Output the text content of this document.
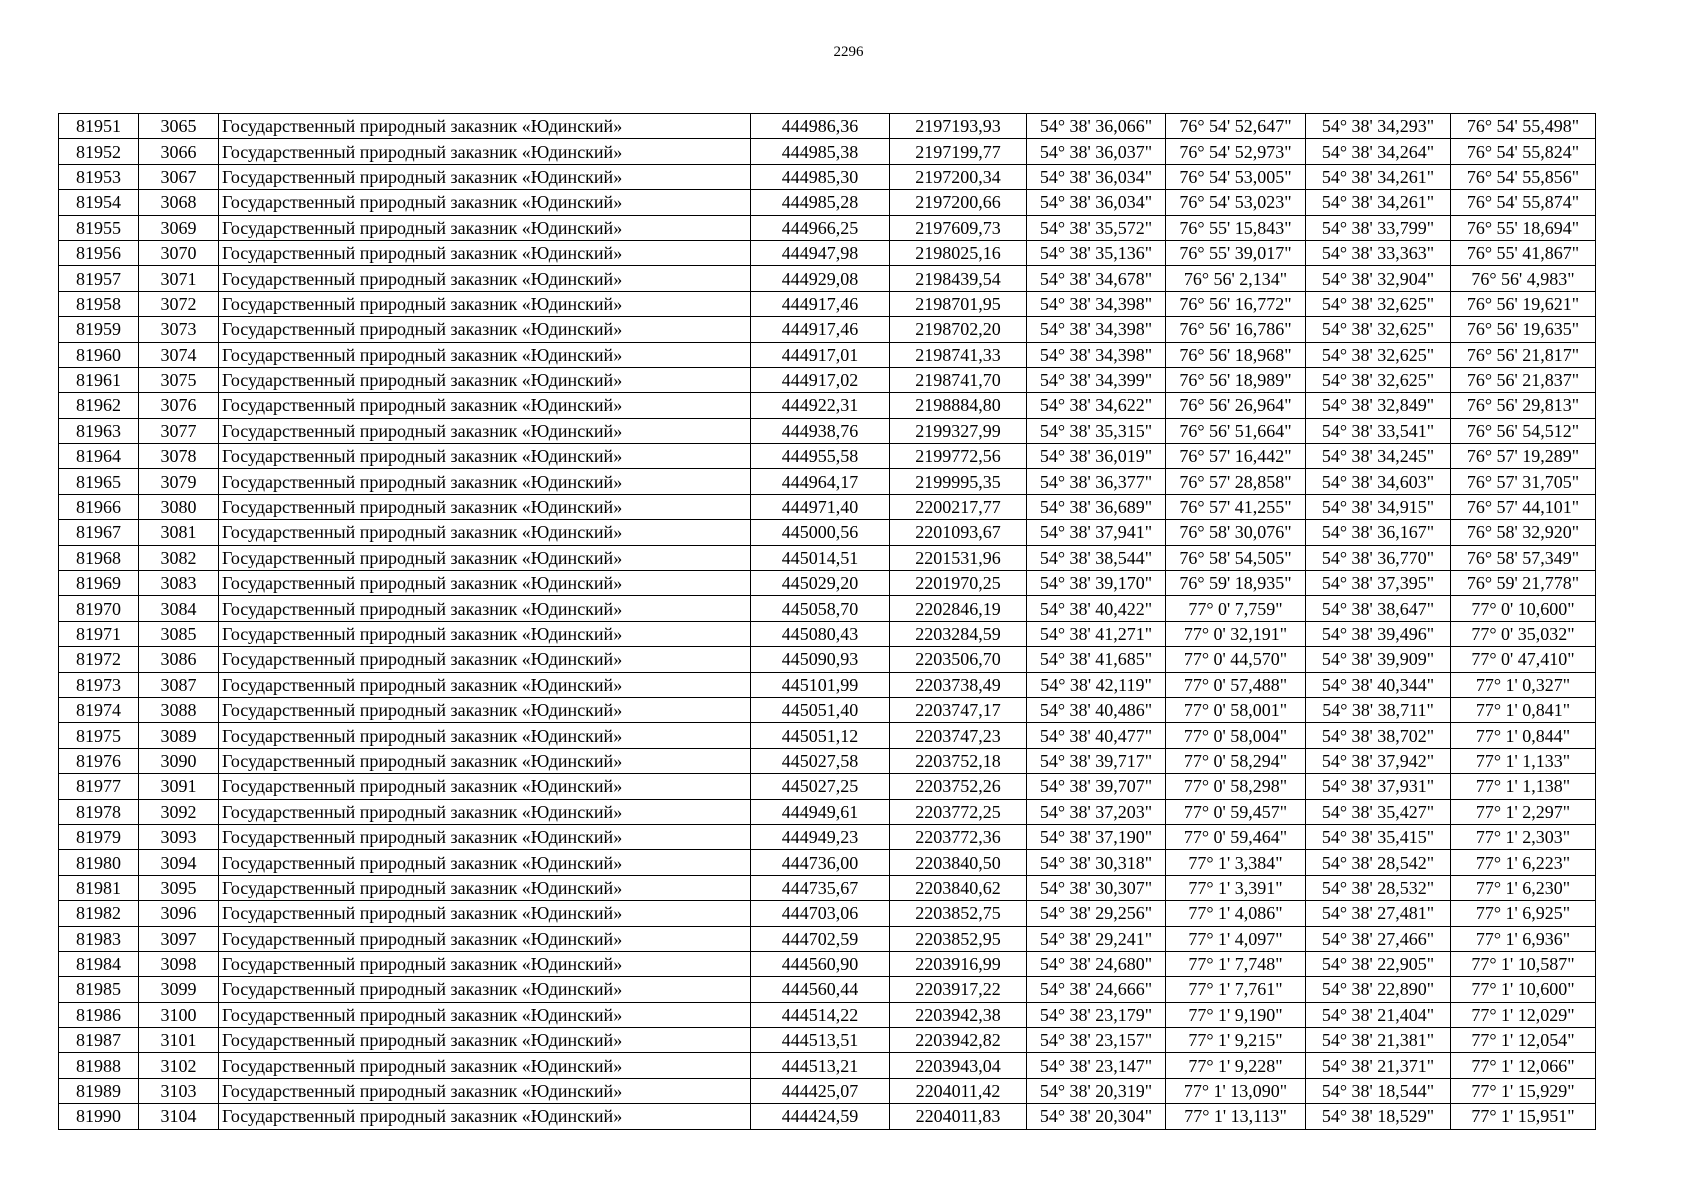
2296
81951	3065	Государственный природный заказник «Юдинский»	444986,36	2197193,93	54° 38' 36,066"	76° 54' 52,647"	54° 38' 34,293"	76° 54' 55,498"
81952	3066	Государственный природный заказник «Юдинский»	444985,38	2197199,77	54° 38' 36,037"	76° 54' 52,973"	54° 38' 34,264"	76° 54' 55,824"
81953	3067	Государственный природный заказник «Юдинский»	444985,30	2197200,34	54° 38' 36,034"	76° 54' 53,005"	54° 38' 34,261"	76° 54' 55,856"
81954	3068	Государственный природный заказник «Юдинский»	444985,28	2197200,66	54° 38' 36,034"	76° 54' 53,023"	54° 38' 34,261"	76° 54' 55,874"
81955	3069	Государственный природный заказник «Юдинский»	444966,25	2197609,73	54° 38' 35,572"	76° 55' 15,843"	54° 38' 33,799"	76° 55' 18,694"
81956	3070	Государственный природный заказник «Юдинский»	444947,98	2198025,16	54° 38' 35,136"	76° 55' 39,017"	54° 38' 33,363"	76° 55' 41,867"
81957	3071	Государственный природный заказник «Юдинский»	444929,08	2198439,54	54° 38' 34,678"	76° 56' 2,134"	54° 38' 32,904"	76° 56' 4,983"
81958	3072	Государственный природный заказник «Юдинский»	444917,46	2198701,95	54° 38' 34,398"	76° 56' 16,772"	54° 38' 32,625"	76° 56' 19,621"
81959	3073	Государственный природный заказник «Юдинский»	444917,46	2198702,20	54° 38' 34,398"	76° 56' 16,786"	54° 38' 32,625"	76° 56' 19,635"
81960	3074	Государственный природный заказник «Юдинский»	444917,01	2198741,33	54° 38' 34,398"	76° 56' 18,968"	54° 38' 32,625"	76° 56' 21,817"
81961	3075	Государственный природный заказник «Юдинский»	444917,02	2198741,70	54° 38' 34,399"	76° 56' 18,989"	54° 38' 32,625"	76° 56' 21,837"
81962	3076	Государственный природный заказник «Юдинский»	444922,31	2198884,80	54° 38' 34,622"	76° 56' 26,964"	54° 38' 32,849"	76° 56' 29,813"
81963	3077	Государственный природный заказник «Юдинский»	444938,76	2199327,99	54° 38' 35,315"	76° 56' 51,664"	54° 38' 33,541"	76° 56' 54,512"
81964	3078	Государственный природный заказник «Юдинский»	444955,58	2199772,56	54° 38' 36,019"	76° 57' 16,442"	54° 38' 34,245"	76° 57' 19,289"
81965	3079	Государственный природный заказник «Юдинский»	444964,17	2199995,35	54° 38' 36,377"	76° 57' 28,858"	54° 38' 34,603"	76° 57' 31,705"
81966	3080	Государственный природный заказник «Юдинский»	444971,40	2200217,77	54° 38' 36,689"	76° 57' 41,255"	54° 38' 34,915"	76° 57' 44,101"
81967	3081	Государственный природный заказник «Юдинский»	445000,56	2201093,67	54° 38' 37,941"	76° 58' 30,076"	54° 38' 36,167"	76° 58' 32,920"
81968	3082	Государственный природный заказник «Юдинский»	445014,51	2201531,96	54° 38' 38,544"	76° 58' 54,505"	54° 38' 36,770"	76° 58' 57,349"
81969	3083	Государственный природный заказник «Юдинский»	445029,20	2201970,25	54° 38' 39,170"	76° 59' 18,935"	54° 38' 37,395"	76° 59' 21,778"
81970	3084	Государственный природный заказник «Юдинский»	445058,70	2202846,19	54° 38' 40,422"	77° 0' 7,759"	54° 38' 38,647"	77° 0' 10,600"
81971	3085	Государственный природный заказник «Юдинский»	445080,43	2203284,59	54° 38' 41,271"	77° 0' 32,191"	54° 38' 39,496"	77° 0' 35,032"
81972	3086	Государственный природный заказник «Юдинский»	445090,93	2203506,70	54° 38' 41,685"	77° 0' 44,570"	54° 38' 39,909"	77° 0' 47,410"
81973	3087	Государственный природный заказник «Юдинский»	445101,99	2203738,49	54° 38' 42,119"	77° 0' 57,488"	54° 38' 40,344"	77° 1' 0,327"
81974	3088	Государственный природный заказник «Юдинский»	445051,40	2203747,17	54° 38' 40,486"	77° 0' 58,001"	54° 38' 38,711"	77° 1' 0,841"
81975	3089	Государственный природный заказник «Юдинский»	445051,12	2203747,23	54° 38' 40,477"	77° 0' 58,004"	54° 38' 38,702"	77° 1' 0,844"
81976	3090	Государственный природный заказник «Юдинский»	445027,58	2203752,18	54° 38' 39,717"	77° 0' 58,294"	54° 38' 37,942"	77° 1' 1,133"
81977	3091	Государственный природный заказник «Юдинский»	445027,25	2203752,26	54° 38' 39,707"	77° 0' 58,298"	54° 38' 37,931"	77° 1' 1,138"
81978	3092	Государственный природный заказник «Юдинский»	444949,61	2203772,25	54° 38' 37,203"	77° 0' 59,457"	54° 38' 35,427"	77° 1' 2,297"
81979	3093	Государственный природный заказник «Юдинский»	444949,23	2203772,36	54° 38' 37,190"	77° 0' 59,464"	54° 38' 35,415"	77° 1' 2,303"
81980	3094	Государственный природный заказник «Юдинский»	444736,00	2203840,50	54° 38' 30,318"	77° 1' 3,384"	54° 38' 28,542"	77° 1' 6,223"
81981	3095	Государственный природный заказник «Юдинский»	444735,67	2203840,62	54° 38' 30,307"	77° 1' 3,391"	54° 38' 28,532"	77° 1' 6,230"
81982	3096	Государственный природный заказник «Юдинский»	444703,06	2203852,75	54° 38' 29,256"	77° 1' 4,086"	54° 38' 27,481"	77° 1' 6,925"
81983	3097	Государственный природный заказник «Юдинский»	444702,59	2203852,95	54° 38' 29,241"	77° 1' 4,097"	54° 38' 27,466"	77° 1' 6,936"
81984	3098	Государственный природный заказник «Юдинский»	444560,90	2203916,99	54° 38' 24,680"	77° 1' 7,748"	54° 38' 22,905"	77° 1' 10,587"
81985	3099	Государственный природный заказник «Юдинский»	444560,44	2203917,22	54° 38' 24,666"	77° 1' 7,761"	54° 38' 22,890"	77° 1' 10,600"
81986	3100	Государственный природный заказник «Юдинский»	444514,22	2203942,38	54° 38' 23,179"	77° 1' 9,190"	54° 38' 21,404"	77° 1' 12,029"
81987	3101	Государственный природный заказник «Юдинский»	444513,51	2203942,82	54° 38' 23,157"	77° 1' 9,215"	54° 38' 21,381"	77° 1' 12,054"
81988	3102	Государственный природный заказник «Юдинский»	444513,21	2203943,04	54° 38' 23,147"	77° 1' 9,228"	54° 38' 21,371"	77° 1' 12,066"
81989	3103	Государственный природный заказник «Юдинский»	444425,07	2204011,42	54° 38' 20,319"	77° 1' 13,090"	54° 38' 18,544"	77° 1' 15,929"
81990	3104	Государственный природный заказник «Юдинский»	444424,59	2204011,83	54° 38' 20,304"	77° 1' 13,113"	54° 38' 18,529"	77° 1' 15,951"
